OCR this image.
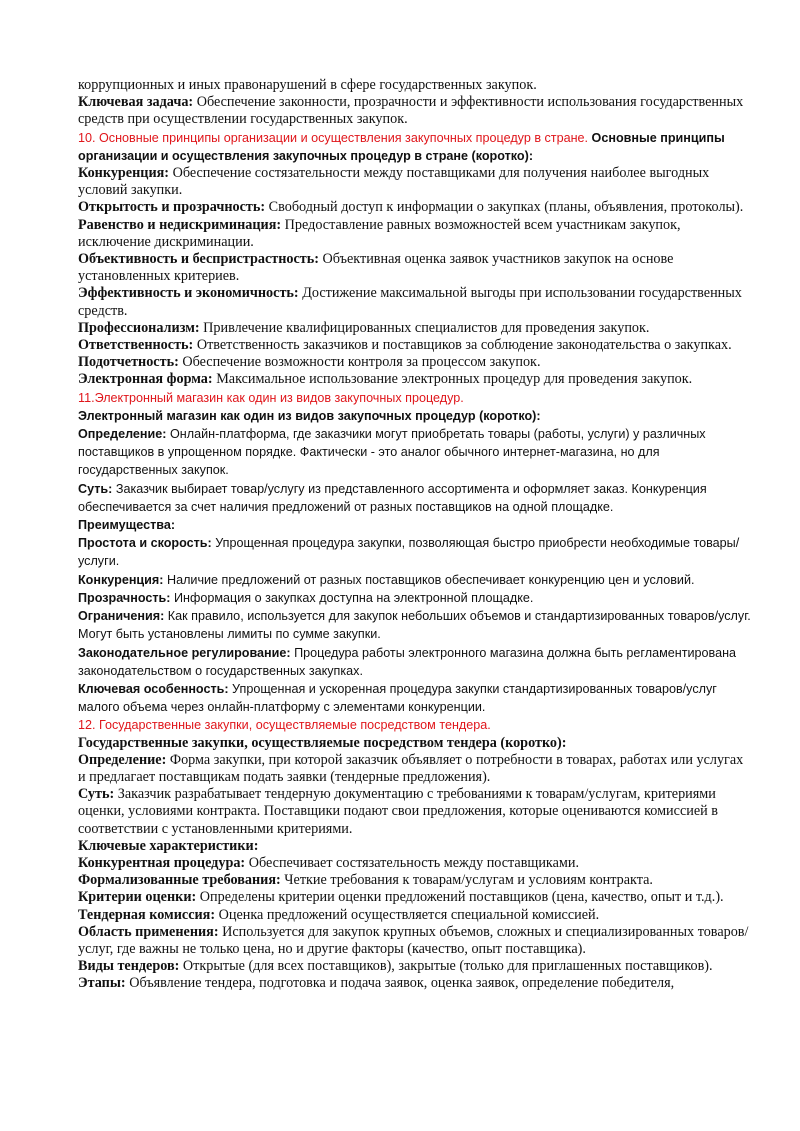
коррупционных и иных правонарушений в сфере государственных закупок.

Ключевая задача: Обеспечение законности, прозрачности и эффективности использования государственных средств при осуществлении государственных закупок.

10. Основные принципы организации и осуществления закупочных процедур в стране. Основные принципы организации и осуществления закупочных процедур в стране (коротко):

Конкуренция: Обеспечение состязательности между поставщиками для получения наиболее выгодных условий закупки.

Открытость и прозрачность: Свободный доступ к информации о закупках (планы, объявления, протоколы).

Равенство и недискриминация: Предоставление равных возможностей всем участникам закупок, исключение дискриминации.

Объективность и беспристрастность: Объективная оценка заявок участников закупок на основе установленных критериев.

Эффективность и экономичность: Достижение максимальной выгоды при использовании государственных средств.

Профессионализм: Привлечение квалифицированных специалистов для проведения закупок.

Ответственность: Ответственность заказчиков и поставщиков за соблюдение законодательства о закупках.

Подотчетность: Обеспечение возможности контроля за процессом закупок.

Электронная форма: Максимальное использование электронных процедур для проведения закупок.

11.Электронный магазин как один из видов закупочных процедур.

Электронный магазин как один из видов закупочных процедур (коротко):

Определение: Онлайн-платформа, где заказчики могут приобретать товары (работы, услуги) у различных поставщиков в упрощенном порядке. Фактически - это аналог обычного интернет-магазина, но для государственных закупок.

Суть: Заказчик выбирает товар/услугу из представленного ассортимента и оформляет заказ. Конкуренция обеспечивается за счет наличия предложений от разных поставщиков на одной площадке.

Преимущества:

Простота и скорость: Упрощенная процедура закупки, позволяющая быстро приобрести необходимые товары/услуги.

Конкуренция: Наличие предложений от разных поставщиков обеспечивает конкуренцию цен и условий.

Прозрачность: Информация о закупках доступна на электронной площадке.

Ограничения: Как правило, используется для закупок небольших объемов и стандартизированных товаров/услуг. Могут быть установлены лимиты по сумме закупки.

Законодательное регулирование: Процедура работы электронного магазина должна быть регламентирована законодательством о государственных закупках.

Ключевая особенность: Упрощенная и ускоренная процедура закупки стандартизированных товаров/услуг малого объема через онлайн-платформу с элементами конкуренции.

12. Государственные закупки, осуществляемые посредством тендера.

Государственные закупки, осуществляемые посредством тендера (коротко):

Определение: Форма закупки, при которой заказчик объявляет о потребности в товарах, работах или услугах и предлагает поставщикам подать заявки (тендерные предложения).

Суть: Заказчик разрабатывает тендерную документацию с требованиями к товарам/услугам, критериями оценки, условиями контракта. Поставщики подают свои предложения, которые оцениваются комиссией в соответствии с установленными критериями.

Ключевые характеристики:

Конкурентная процедура: Обеспечивает состязательность между поставщиками.

Формализованные требования: Четкие требования к товарам/услугам и условиям контракта.

Критерии оценки: Определены критерии оценки предложений поставщиков (цена, качество, опыт и т.д.).

Тендерная комиссия: Оценка предложений осуществляется специальной комиссией.

Область применения: Используется для закупок крупных объемов, сложных и специализированных товаров/услуг, где важны не только цена, но и другие факторы (качество, опыт поставщика).

Виды тендеров: Открытые (для всех поставщиков), закрытые (только для приглашенных поставщиков).

Этапы: Объявление тендера, подготовка и подача заявок, оценка заявок, определение победителя,
